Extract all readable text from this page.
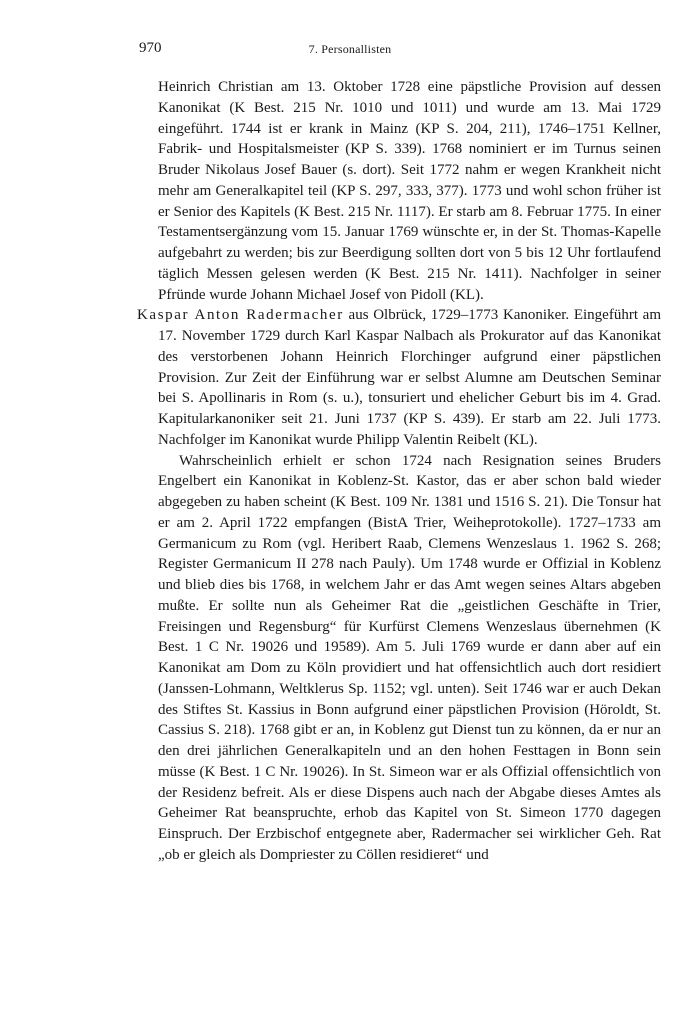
970	7. Personallisten

Heinrich Christian am 13. Oktober 1728 eine päpstliche Provision auf dessen Kanonikat (K Best. 215 Nr. 1010 und 1011) und wurde am 13. Mai 1729 eingeführt. 1744 ist er krank in Mainz (KP S. 204, 211), 1746–1751 Kellner, Fabrik- und Hospitalsmeister (KP S. 339). 1768 nominiert er im Turnus seinen Bruder Nikolaus Josef Bauer (s. dort). Seit 1772 nahm er wegen Krankheit nicht mehr am Generalkapitel teil (KP S. 297, 333, 377). 1773 und wohl schon früher ist er Senior des Kapitels (K Best. 215 Nr. 1117). Er starb am 8. Februar 1775. In einer Testamentsergänzung vom 15. Januar 1769 wünschte er, in der St. Thomas-Kapelle aufgebahrt zu werden; bis zur Beerdigung sollten dort von 5 bis 12 Uhr fortlaufend täglich Messen gelesen werden (K Best. 215 Nr. 1411). Nachfolger in seiner Pfründe wurde Johann Michael Josef von Pidoll (KL).

Kaspar Anton Radermacher aus Olbrück, 1729–1773 Kanoniker. Eingeführt am 17. November 1729 durch Karl Kaspar Nalbach als Prokurator auf das Kanonikat des verstorbenen Johann Heinrich Florchinger aufgrund einer päpstlichen Provision. Zur Zeit der Einführung war er selbst Alumne am Deutschen Seminar bei S. Apollinaris in Rom (s. u.), tonsuriert und ehelicher Geburt bis im 4. Grad. Kapitularkanoniker seit 21. Juni 1737 (KP S. 439). Er starb am 22. Juli 1773. Nachfolger im Kanonikat wurde Philipp Valentin Reibelt (KL).

Wahrscheinlich erhielt er schon 1724 nach Resignation seines Bruders Engelbert ein Kanonikat in Koblenz-St. Kastor, das er aber schon bald wieder abgegeben zu haben scheint (K Best. 109 Nr. 1381 und 1516 S. 21). Die Tonsur hat er am 2. April 1722 empfangen (BistA Trier, Weiheprotokolle). 1727–1733 am Germanicum zu Rom (vgl. Heribert Raab, Clemens Wenzeslaus 1. 1962 S. 268; Register Germanicum II 278 nach Pauly). Um 1748 wurde er Offizial in Koblenz und blieb dies bis 1768, in welchem Jahr er das Amt wegen seines Altars abgeben mußte. Er sollte nun als Geheimer Rat die „geistlichen Geschäfte in Trier, Freisingen und Regensburg“ für Kurfürst Clemens Wenzeslaus übernehmen (K Best. 1 C Nr. 19026 und 19589). Am 5. Juli 1769 wurde er dann aber auf ein Kanonikat am Dom zu Köln providiert und hat offensichtlich auch dort residiert (Janssen-Lohmann, Weltklerus Sp. 1152; vgl. unten). Seit 1746 war er auch Dekan des Stiftes St. Kassius in Bonn aufgrund einer päpstlichen Provision (Höroldt, St. Cassius S. 218). 1768 gibt er an, in Koblenz gut Dienst tun zu können, da er nur an den drei jährlichen Generalkapiteln und an den hohen Festtagen in Bonn sein müsse (K Best. 1 C Nr. 19026). In St. Simeon war er als Offizial offensichtlich von der Residenz befreit. Als er diese Dispens auch nach der Abgabe dieses Amtes als Geheimer Rat beanspruchte, erhob das Kapitel von St. Simeon 1770 dagegen Einspruch. Der Erzbischof entgegnete aber, Radermacher sei wirklicher Geh. Rat „ob er gleich als Dompriester zu Cöllen residieret“ und
